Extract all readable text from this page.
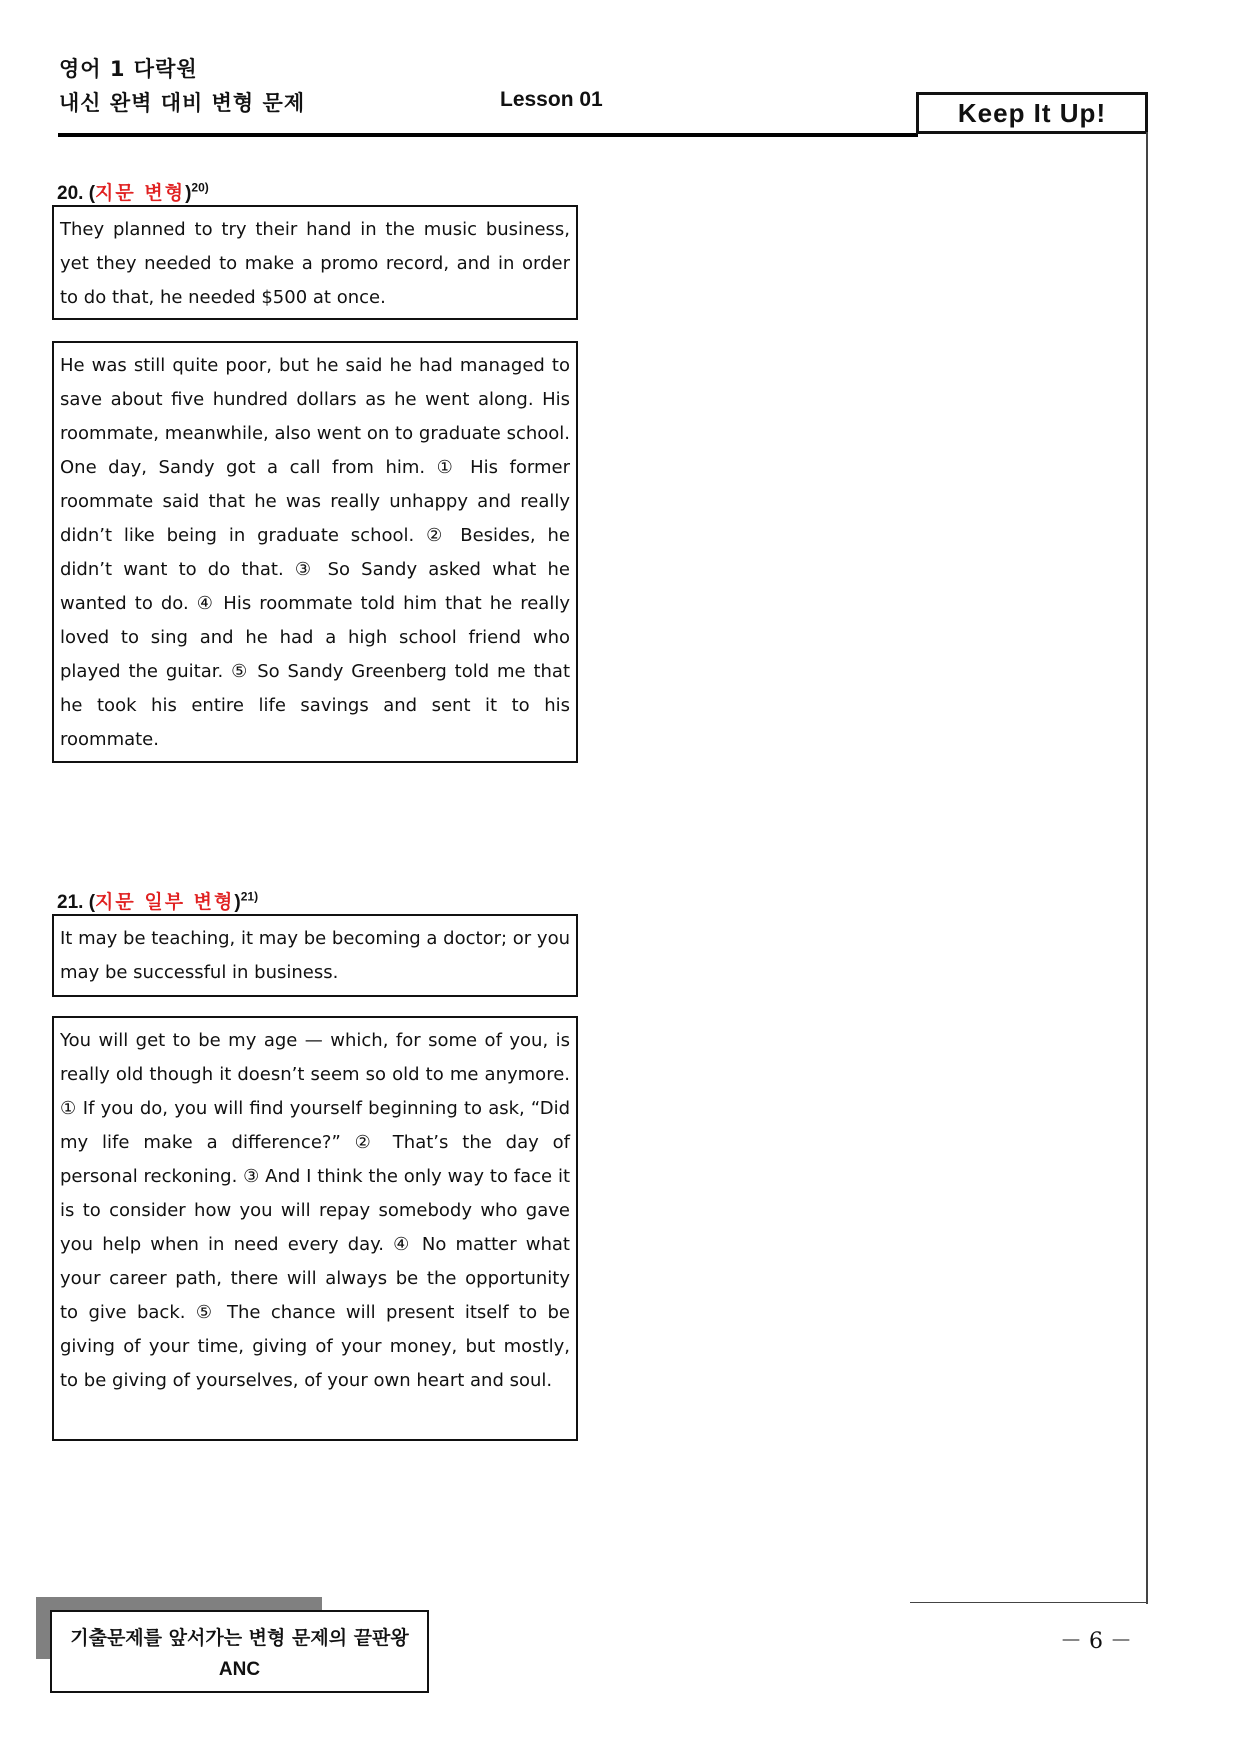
영어 1 다락원
내신 완벽 대비 변형 문제	Lesson 01	Keep It Up!
20. (지문 변형)$^{20)}$
They planned to try their hand in the music business, yet they needed to make a promo record, and in order to do that, he needed $500 at once.
He was still quite poor, but he said he had managed to save about five hundred dollars as he went along. His roommate, meanwhile, also went on to graduate school. One day, Sandy got a call from him. ① His former roommate said that he was really unhappy and really didn’t like being in graduate school. ② Besides, he didn’t want to do that. ③ So Sandy asked what he wanted to do. ④ His roommate told him that he really loved to sing and he had a high school friend who played the guitar. ⑤ So Sandy Greenberg told me that he took his entire life savings and sent it to his roommate.
21. (지문 일부 변형)$^{21)}$
It may be teaching, it may be becoming a doctor; or you may be successful in business.
You will get to be my age — which, for some of you, is really old though it doesn’t seem so old to me anymore. ① If you do, you will find yourself beginning to ask, “Did my life make a difference?” ② That’s the day of personal reckoning. ③ And I think the only way to face it is to consider how you will repay somebody who gave you help when in need every day. ④ No matter what your career path, there will always be the opportunity to give back. ⑤ The chance will present itself to be giving of your time, giving of your money, but mostly, to be giving of yourselves, of your own heart and soul.
기출문제를 앞서가는 변형 문제의 끝판왕
ANC
－ 6 －
